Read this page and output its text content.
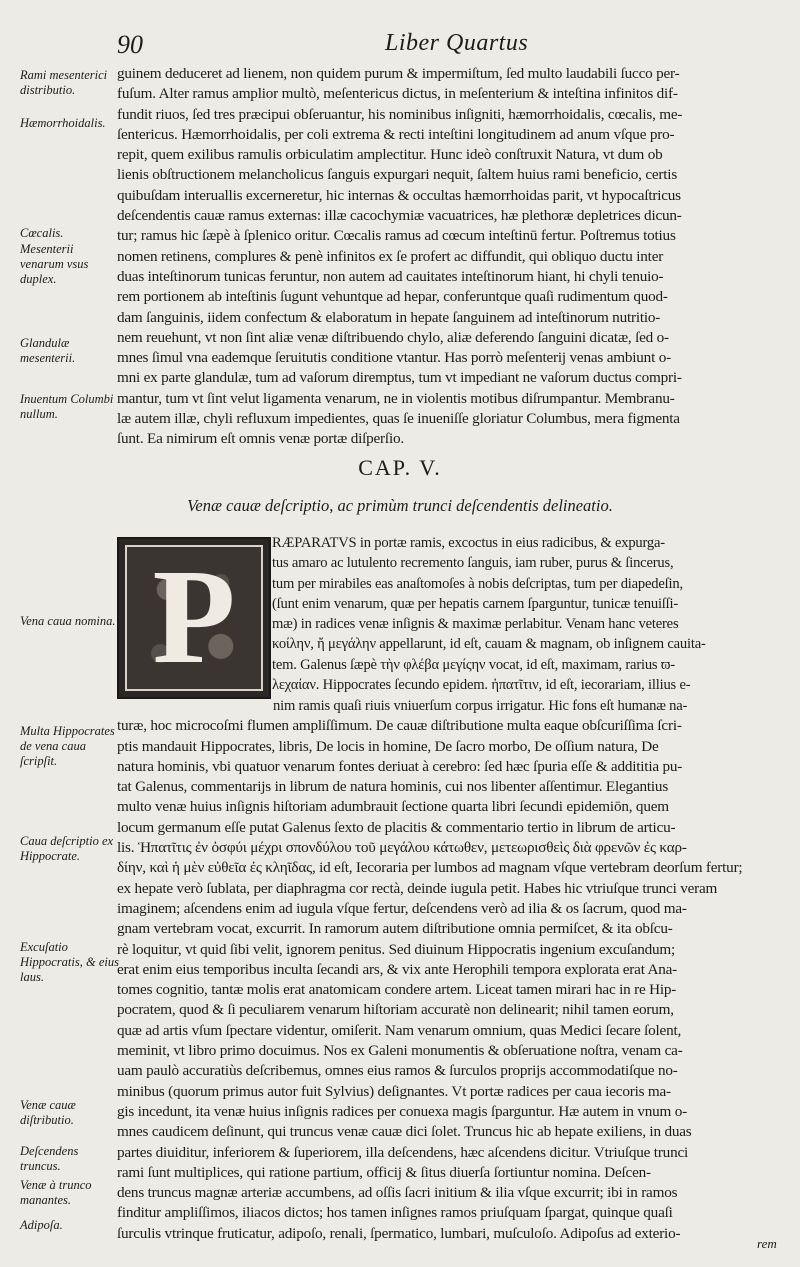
90	Liber Quartus
Rami mesenterici distributio.
Hæmorrhoidalis.
Cœcalis.
Mesenterii venarum vsus duplex.
Glandulæ mesenterii.
Inuentum Columbi nullum.
guinem deduceret ad lienem, non quidem purum & impermiſtum, ſed multo laudabili ſucco per-
fuſum. Alter ramus amplior multò, meſentericus dictus, in meſenterium & inteſtina infinitos dif-
fundit riuos, ſed tres præcipui obſeruantur, his nominibus inſigniti, hæmorrhoidalis, cœcalis, me-
ſentericus. Hæmorrhoidalis, per coli extrema & recti inteſtini longitudinem ad anum vſque pro-
repit, quem exilibus ramulis orbiculatim amplectitur. Hunc ideò conſtruxit Natura, vt dum ob
lienis obſtructionem melancholicus ſanguis expurgari nequit, ſaltem huius rami beneficio, certis
quibuſdam interuallis excerneretur, hic internas & occultas hæmorrhoidas parit, vt hypocaſtricus
deſcendentis cauæ ramus externas: illæ cacochymiæ vacuatrices, hæ plethoræ depletrices dicun-
tur; ramus hic ſæpè à ſplenico oritur. Cœcalis ramus ad cœcum inteſtinū fertur. Poſtremus totius
nomen retinens, complures & penè infinitos ex ſe profert ac diffundit, qui obliquo ductu inter
duas inteſtinorum tunicas feruntur, non autem ad cauitates inteſtinorum hiant, hi chyli tenuio-
rem portionem ab inteſtinis ſugunt vehuntque ad hepar, conferuntque quaſi rudimentum quod-
dam ſanguinis, iidem confectum & elaboratum in hepate ſanguinem ad inteſtinorum nutritio-
nem reuehunt, vt non ſint aliæ venæ diſtribuendo chylo, aliæ deferendo ſanguini dicatæ, ſed o-
mnes ſimul vna eademque ſeruitutis conditione vtantur. Has porrò meſenterij venas ambiunt o-
mni ex parte glandulæ, tum ad vaſorum diremptus, tum vt impediant ne vaſorum ductus compri-
mantur, tum vt ſint velut ligamenta venarum, ne in violentis motibus diſrumpantur. Membranu-
læ autem illæ, chyli refluxum impedientes, quas ſe inueniſſe gloriatur Columbus, mera figmenta
ſunt. Ea nimirum eſt omnis venæ portæ diſperſio.
CAP. V.
Venæ cauæ deſcriptio, ac primùm trunci deſcendentis delineatio.
P	RÆPARATVS in portæ ramis, excoctus in eius radicibus, & expurga-
tus amaro ac lutulento recremento ſanguis, iam ruber, purus & ſincerus,
tum per mirabiles eas anaſtomoſes à nobis deſcriptas, tum per diapedeſin,
(ſunt enim venarum, quæ per hepatis carnem ſparguntur, tunicæ tenuiſſi-
mæ) in radices venæ inſignis & maximæ perlabitur. Venam hanc veteres
κοίλην, ἤ μεγάλην appellarunt, id eſt, cauam & magnam, ob inſignem cauita-
tem. Galenus ſæpè τὴν φλέβα μεγίςην vocat, id eſt, maximam, rarius ϖ-
λεχαίαν. Hippocrates ſecundo epidem. ἡπατῖτιν, id eſt, iecorariam, illius e-
Vena caua nomina.
Multa Hippocrates de vena caua ſcripſit.
Caua deſcriptio ex Hippocrate.
Excuſatio Hippocratis, & eius laus.
Venæ cauæ diſtributio.
Deſcendens truncus.
Venæ à trunco manantes.
Adipoſa.
nim ramis quaſi riuis vniuerſum corpus irrigatur. Hic fons eſt humanæ na-
turæ, hoc microcoſmi flumen ampliſſimum. De cauæ diſtributione multa eaque obſcuriſſima ſcri-
ptis mandauit Hippocrates, libris, De locis in homine, De ſacro morbo, De oſſium natura, De
natura hominis, vbi quatuor venarum fontes deriuat à cerebro: ſed hæc ſpuria eſſe & addititia pu-
tat Galenus, commentarijs in librum de natura hominis, cui nos libenter aſſentimur. Elegantius
multo venæ huius inſignis hiſtoriam adumbrauit ſectione quarta libri ſecundi epidemiōn, quem
locum germanum eſſe putat Galenus ſexto de placitis & commentario tertio in librum de articu-
lis. Ἡπατῖτις ἐν ὀσφύι μέχρι σπονδύλου τοῦ μεγάλου κάτωθεν, μετεωρισθεὶς διὰ φρενῶν ἐς καρ-
δίην, καὶ ἡ μὲν εὐθεῖα ἐς κληῖδας, id eſt, Iecoraria per lumbos ad magnam vſque vertebram deorſum fertur;
ex hepate verò ſublata, per diaphragma cor rectà, deinde iugula petit. Habes hic vtriuſque trunci veram
imaginem; aſcendens enim ad iugula vſque fertur, deſcendens verò ad ilia & os ſacrum, quod ma-
gnam vertebram vocat, excurrit. In ramorum autem diſtributione omnia permiſcet, & ita obſcu-
rè loquitur, vt quid ſibi velit, ignorem penitus. Sed diuinum Hippocratis ingenium excuſandum;
erat enim eius temporibus inculta ſecandi ars, & vix ante Herophili tempora explorata erat Ana-
tomes cognitio, tantæ molis erat anatomicam condere artem. Liceat tamen mirari hac in re Hip-
pocratem, quod & ſi peculiarem venarum hiſtoriam accuratè non delinearit; nihil tamen eorum,
quæ ad artis vſum ſpectare videntur, omiſerit. Nam venarum omnium, quas Medici ſecare ſolent,
meminit, vt libro primo docuimus. Nos ex Galeni monumentis & obſeruatione noſtra, venam ca-
uam paulò accuratiùs deſcribemus, omnes eius ramos & ſurculos proprijs accommodatiſque no-
minibus (quorum primus autor fuit Sylvius) deſignantes. Vt portæ radices per caua iecoris ma-
gis incedunt, ita venæ huius inſignis radices per conuexa magis ſparguntur. Hæ autem in vnum o-
mnes caudicem deſinunt, qui truncus venæ cauæ dici ſolet. Truncus hic ab hepate exiliens, in duas
partes diuiditur, inferiorem & ſuperiorem, illa deſcendens, hæc aſcendens dicitur. Vtriuſque trunci
rami ſunt multiplices, qui ratione partium, officij & ſitus diuerſa ſortiuntur nomina. Deſcen-
dens truncus magnæ arteriæ accumbens, ad oſſis ſacri initium & ilia vſque excurrit; ibi in ramos
finditur ampliſſimos, iliacos dictos; hos tamen inſignes ramos priuſquam ſpargat, quinque quaſi
ſurculis vtrinque fruticatur, adipoſo, renali, ſpermatico, lumbari, muſculoſo. Adipoſus ad exterio-
rem
